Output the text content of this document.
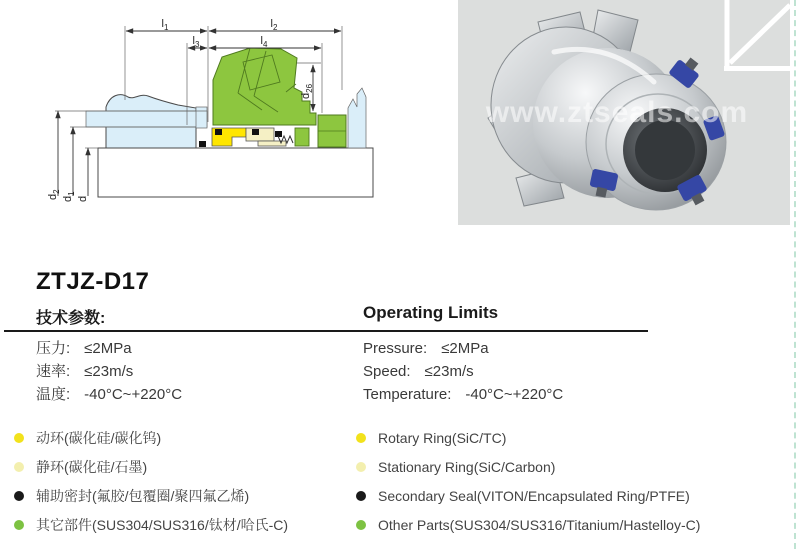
$l_1$	$l_2$
$l_3$	$l_4$
$d_{26}$
$d_2$
$d_1$
d
www.ztseals.com
ZTJZ-D17
技术参数:	Operating Limits
压力: ≤2MPa
速率: ≤23m/s
温度: -40°C~+220°C
Pressure: ≤2MPa
Speed: ≤23m/s
Temperature: -40°C~+220°C
动环(碳化硅/碳化钨)
静环(碳化硅/石墨)
辅助密封(氟胶/包覆圈/聚四氟乙烯)
其它部件(SUS304/SUS316/钛材/哈氏-C)
Rotary Ring(SiC/TC)
Stationary Ring(SiC/Carbon)
Secondary Seal(VITON/Encapsulated Ring/PTFE)
Other Parts(SUS304/SUS316/Titanium/Hastelloy-C)
